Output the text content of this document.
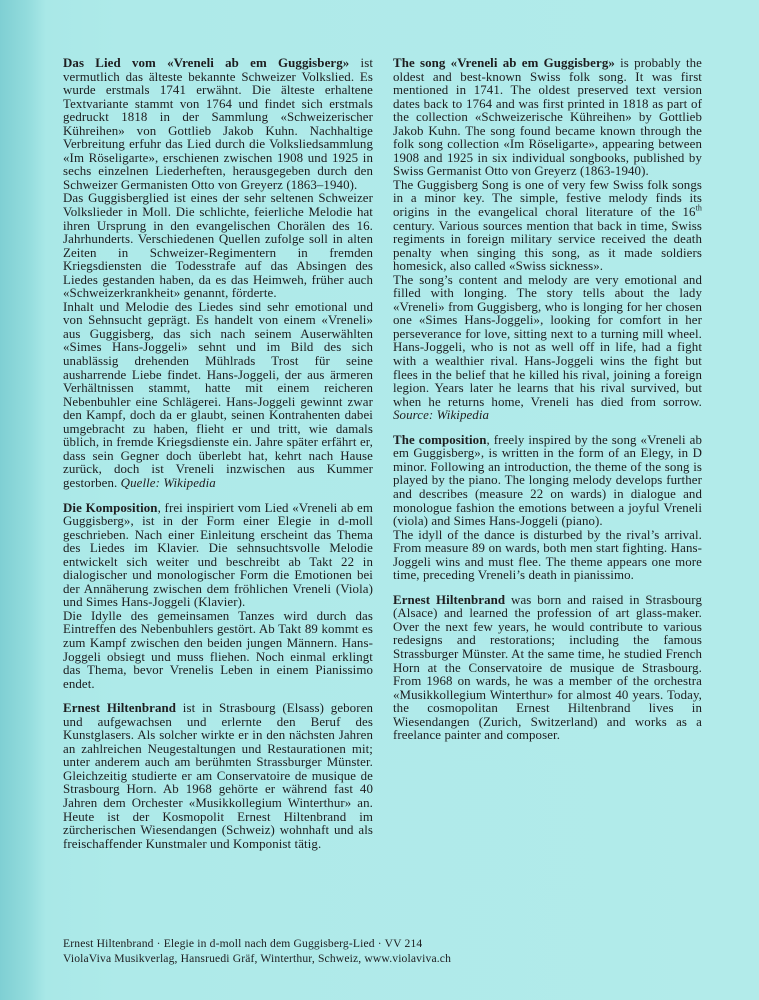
Das Lied vom «Vreneli ab em Guggisberg» ist vermutlich das älteste bekannte Schweizer Volkslied. Es wurde erstmals 1741 erwähnt. Die älteste erhaltene Textvariante stammt von 1764 und findet sich erstmals gedruckt 1818 in der Sammlung «Schweizerischer Kühreihen» von Gottlieb Jakob Kuhn. Nachhaltige Verbreitung erfuhr das Lied durch die Volksliedsammlung «Im Röseligarte», erschienen zwischen 1908 und 1925 in sechs einzelnen Liederheften, herausgegeben durch den Schweizer Germanisten Otto von Greyerz (1863–1940).

Das Guggisberglied ist eines der sehr seltenen Schweizer Volkslieder in Moll. Die schlichte, feierliche Melodie hat ihren Ursprung in den evangelischen Chorälen des 16. Jahrhunderts. Verschiedenen Quellen zufolge soll in alten Zeiten in Schweizer-Regimentern in fremden Kriegsdiensten die Todesstrafe auf das Absingen des Liedes gestanden haben, da es das Heimweh, früher auch «Schweizerkrankheit» genannt, förderte.

Inhalt und Melodie des Liedes sind sehr emotional und von Sehnsucht geprägt. Es handelt von einem «Vreneli» aus Guggisberg, das sich nach seinem Auserwählten «Simes Hans-Joggeli» sehnt und im Bild des sich unablässig drehenden Mühlrads Trost für seine ausharrende Liebe findet. Hans-Joggeli, der aus ärmeren Verhältnissen stammt, hatte mit einem reicheren Nebenbuhler eine Schlägerei. Hans-Joggeli gewinnt zwar den Kampf, doch da er glaubt, seinen Kontrahenten dabei umgebracht zu haben, flieht er und tritt, wie damals üblich, in fremde Kriegsdienste ein. Jahre später erfährt er, dass sein Gegner doch überlebt hat, kehrt nach Hause zurück, doch ist Vreneli inzwischen aus Kummer gestorben. Quelle: Wikipedia

Die Komposition, frei inspiriert vom Lied «Vreneli ab em Guggisberg», ist in der Form einer Elegie in d-moll geschrieben. Nach einer Einleitung erscheint das Thema des Liedes im Klavier. Die sehnsuchtsvolle Melodie entwickelt sich weiter und beschreibt ab Takt 22 in dialogischer und monologischer Form die Emotionen bei der Annäherung zwischen dem fröhlichen Vreneli (Viola) und Simes Hans-Joggeli (Klavier).

Die Idylle des gemeinsamen Tanzes wird durch das Eintreffen des Nebenbuhlers gestört. Ab Takt 89 kommt es zum Kampf zwischen den beiden jungen Männern. Hans-Joggeli obsiegt und muss fliehen. Noch einmal erklingt das Thema, bevor Vrenelis Leben in einem Pianissimo endet.

Ernest Hiltenbrand ist in Strasbourg (Elsass) geboren und aufgewachsen und erlernte den Beruf des Kunstglasers. Als solcher wirkte er in den nächsten Jahren an zahlreichen Neugestaltungen und Restaurationen mit; unter anderem auch am berühmten Strassburger Münster. Gleichzeitig studierte er am Conservatoire de musique de Strasbourg Horn. Ab 1968 gehörte er während fast 40 Jahren dem Orchester «Musikkollegium Winterthur» an. Heute ist der Kosmopolit Ernest Hiltenbrand im zürcherischen Wiesendangen (Schweiz) wohnhaft und als freischaffender Kunstmaler und Komponist tätig.

The song «Vreneli ab em Guggisberg» is probably the oldest and best-known Swiss folk song. It was first mentioned in 1741. The oldest preserved text version dates back to 1764 and was first printed in 1818 as part of the collection «Schweizerische Kühreihen» by Gottlieb Jakob Kuhn. The song found became known through the folk song collection «Im Röseligarte», appearing between 1908 and 1925 in six individual songbooks, published by Swiss Germanist Otto von Greyerz (1863-1940).

The Guggisberg Song is one of very few Swiss folk songs in a minor key. The simple, festive melody finds its origins in the evangelical choral literature of the 16th century. Various sources mention that back in time, Swiss regiments in foreign military service received the death penalty when singing this song, as it made soldiers homesick, also called «Swiss sickness».

The song’s content and melody are very emotional and filled with longing. The story tells about the lady «Vreneli» from Guggisberg, who is longing for her chosen one «Simes Hans-Joggeli», looking for comfort in her perseverance for love, sitting next to a turning mill wheel. Hans-Joggeli, who is not as well off in life, had a fight with a wealthier rival. Hans-Joggeli wins the fight but flees in the belief that he killed his rival, joining a foreign legion. Years later he learns that his rival survived, but when he returns home, Vreneli has died from sorrow. Source: Wikipedia

The composition, freely inspired by the song «Vreneli ab em Guggisberg», is written in the form of an Elegy, in D minor. Following an introduction, the theme of the song is played by the piano. The longing melody develops further and describes (measure 22 on wards) in dialogue and monologue fashion the emotions between a joyful Vreneli (viola) and Simes Hans-Joggeli (piano).

The idyll of the dance is disturbed by the rival’s arrival. From measure 89 on wards, both men start fighting. Hans-Joggeli wins and must flee. The theme appears one more time, preceding Vreneli’s death in pianissimo.

Ernest Hiltenbrand was born and raised in Strasbourg (Alsace) and learned the profession of art glass-maker. Over the next few years, he would contribute to various redesigns and restorations; including the famous Strassburger Münster. At the same time, he studied French Horn at the Conservatoire de musique de Strasbourg. From 1968 on wards, he was a member of the orchestra «Musikkollegium Winterthur» for almost 40 years. Today, the cosmopolitan Ernest Hiltenbrand lives in Wiesendangen (Zurich, Switzerland) and works as a freelance painter and composer.

Ernest Hiltenbrand · Elegie in d-moll nach dem Guggisberg-Lied · VV 214
ViolaViva Musikverlag, Hansruedi Gräf, Winterthur, Schweiz, www.violaviva.ch
